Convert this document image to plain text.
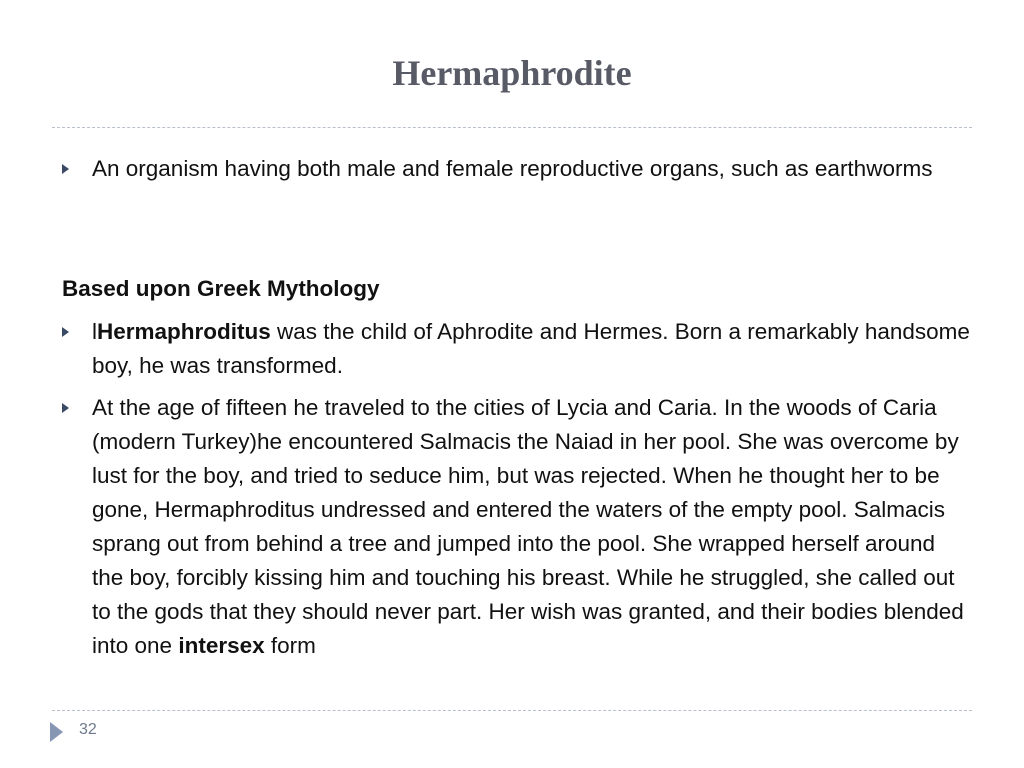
Hermaphrodite
An organism having both male and female reproductive organs, such as earthworms
Based upon Greek Mythology
lHermaphroditus was the child of Aphrodite and Hermes. Born a remarkably handsome boy, he was transformed.
At the age of fifteen he traveled to the cities of Lycia and Caria. In the woods of Caria (modern Turkey)he encountered Salmacis the Naiad in her pool. She was overcome by lust for the boy, and tried to seduce him, but was rejected. When he thought her to be gone, Hermaphroditus undressed and entered the waters of the empty pool. Salmacis sprang out from behind a tree and jumped into the pool. She wrapped herself around the boy, forcibly kissing him and touching his breast. While he struggled, she called out to the gods that they should never part. Her wish was granted, and their bodies blended into one intersex form
32
